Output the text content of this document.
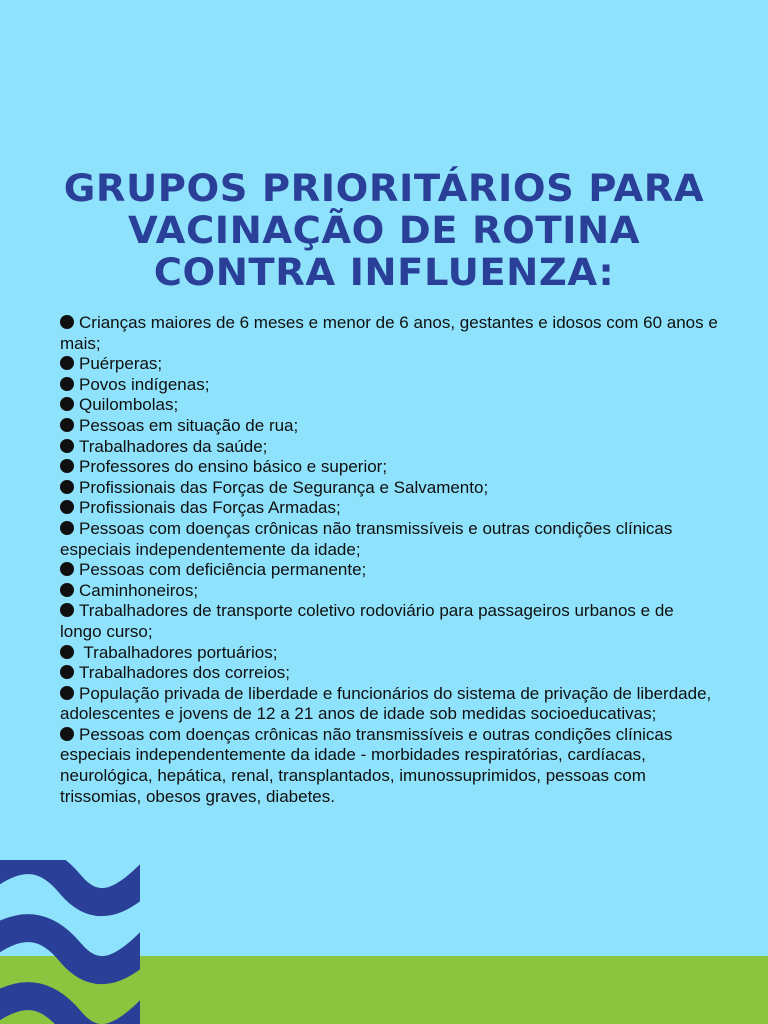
GRUPOS PRIORITÁRIOS PARA
VACINAÇÃO DE ROTINA
CONTRA INFLUENZA:
Crianças maiores de 6 meses e menor de 6 anos, gestantes e idosos com 60 anos e mais;
Puérperas;
Povos indígenas;
Quilombolas;
Pessoas em situação de rua;
Trabalhadores da saúde;
Professores do ensino básico e superior;
Profissionais das Forças de Segurança e Salvamento;
Profissionais das Forças Armadas;
Pessoas com doenças crônicas não transmissíveis e outras condições clínicas especiais independentemente da idade;
Pessoas com deficiência permanente;
Caminhoneiros;
Trabalhadores de transporte coletivo rodoviário para passageiros urbanos e de longo curso;
Trabalhadores portuários;
Trabalhadores dos correios;
População privada de liberdade e funcionários do sistema de privação de liberdade, adolescentes e jovens de 12 a 21 anos de idade sob medidas socioeducativas;
Pessoas com doenças crônicas não transmissíveis e outras condições clínicas especiais independentemente da idade - morbidades respiratórias, cardíacas, neurológica, hepática, renal, transplantados, imunossuprimidos, pessoas com trissomias, obesos graves, diabetes.
